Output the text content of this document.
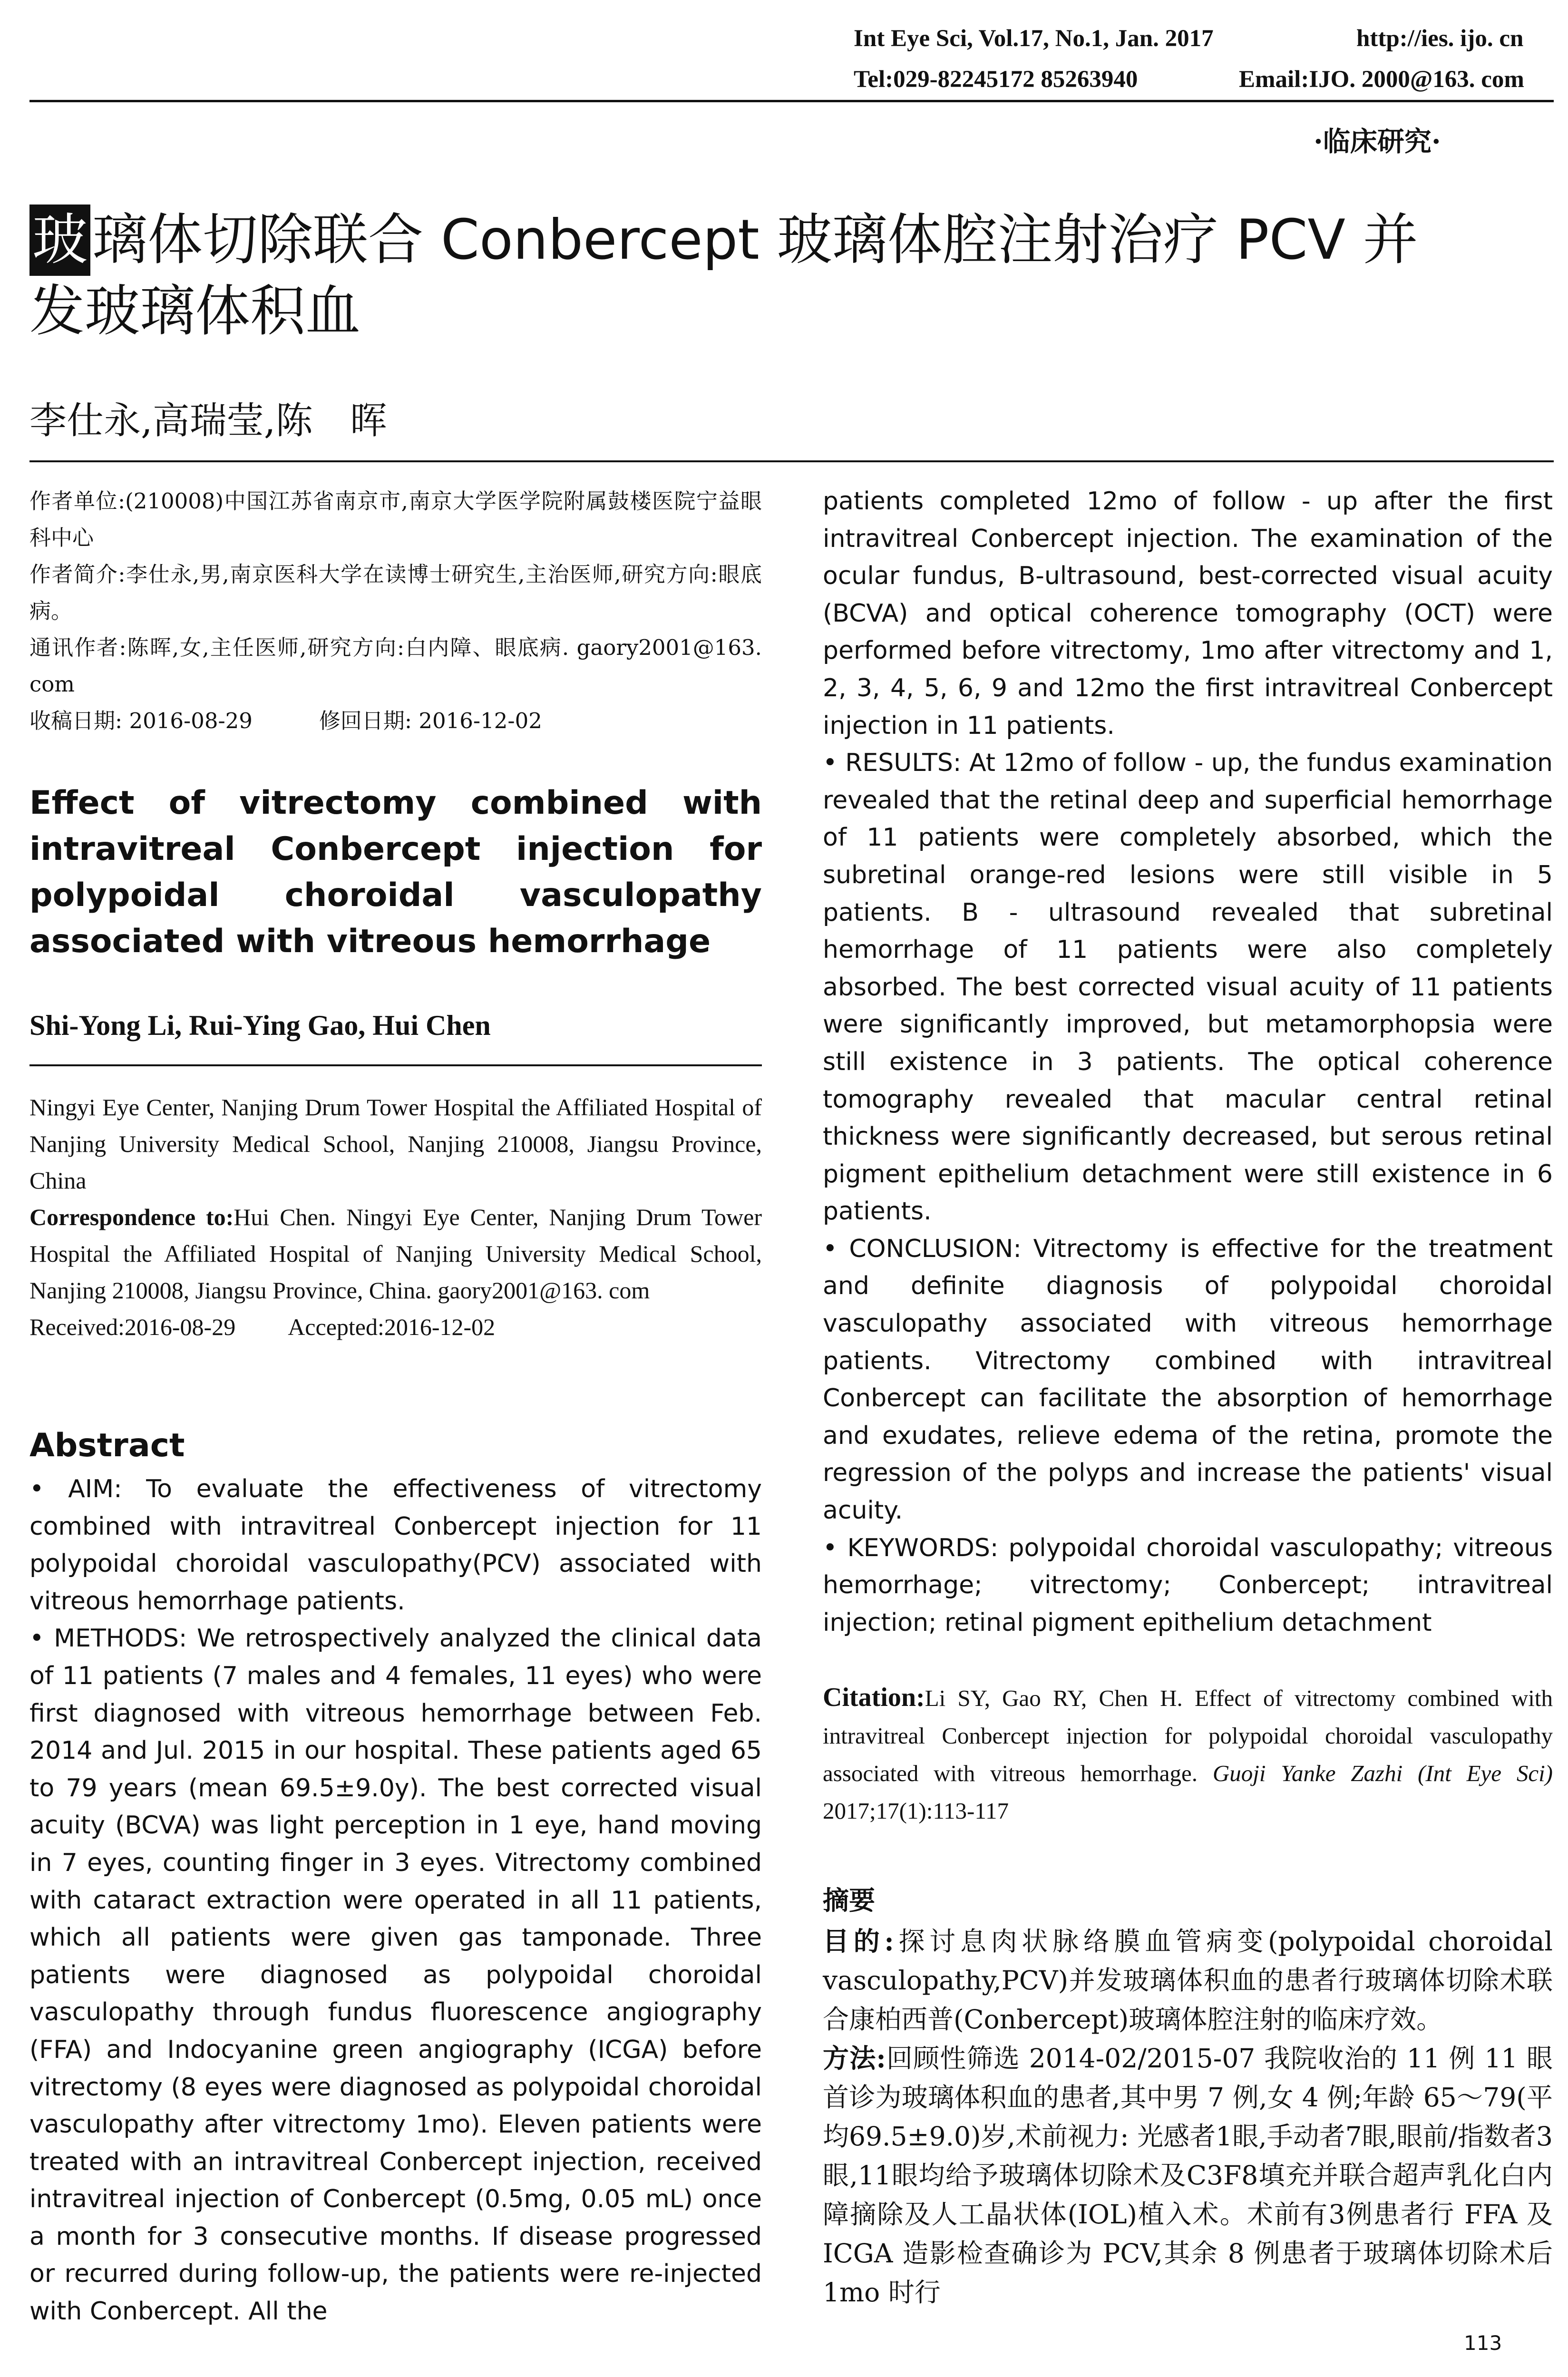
Int Eye Sci, Vol.17, No.1, Jan. 2017	http://ies. ijo. cn
Tel:029-82245172 85263940	Email:IJO. 2000@163. com
·临床研究·
玻璃体切除联合 Conbercept 玻璃体腔注射治疗 PCV 并
发玻璃体积血
李仕永,高瑞莹,陈　晖

作者单位:(210008)中国江苏省南京市,南京大学医学院附属鼓楼医院宁益眼科中心

作者简介:李仕永,男,南京医科大学在读博士研究生,主治医师,研究方向:眼底病。

通讯作者:陈晖,女,主任医师,研究方向:白内障、眼底病. gaory2001@163. com

收稿日期: 2016-08-29	修回日期: 2016-12-02

Effect of vitrectomy combined with
intravitreal Conbercept injection for
polypoidal choroidal vasculopathy
associated with vitreous hemorrhage
Shi-Yong Li, Rui-Ying Gao, Hui Chen

Ningyi Eye Center, Nanjing Drum Tower Hospital the Affiliated Hospital of Nanjing University Medical School, Nanjing 210008, Jiangsu Province, China

Correspondence to:Hui Chen. Ningyi Eye Center, Nanjing Drum Tower Hospital the Affiliated Hospital of Nanjing University Medical School, Nanjing 210008, Jiangsu Province, China. gaory2001@163. com

Received:2016-08-29 Accepted:2016-12-02

Abstract

• AIM: To evaluate the effectiveness of vitrectomy combined with intravitreal Conbercept injection for 11 polypoidal choroidal vasculopathy(PCV) associated with vitreous hemorrhage patients.

• METHODS: We retrospectively analyzed the clinical data of 11 patients (7 males and 4 females, 11 eyes) who were first diagnosed with vitreous hemorrhage between Feb. 2014 and Jul. 2015 in our hospital. These patients aged 65 to 79 years (mean 69.5±9.0y). The best corrected visual acuity (BCVA) was light perception in 1 eye, hand moving in 7 eyes, counting finger in 3 eyes. Vitrectomy combined with cataract extraction were operated in all 11 patients, which all patients were given gas tamponade. Three patients were diagnosed as polypoidal choroidal vasculopathy through fundus fluorescence angiography (FFA) and Indocyanine green angiography (ICGA) before vitrectomy (8 eyes were diagnosed as polypoidal choroidal vasculopathy after vitrectomy 1mo). Eleven patients were treated with an intravitreal Conbercept injection, received intravitreal injection of Conbercept (0.5mg, 0.05 mL) once a month for 3 consecutive months. If disease progressed or recurred during follow-up, the patients were re-injected with Conbercept. All the

patients completed 12mo of follow - up after the first intravitreal Conbercept injection. The examination of the ocular fundus, B-ultrasound, best-corrected visual acuity (BCVA) and optical coherence tomography (OCT) were performed before vitrectomy, 1mo after vitrectomy and 1, 2, 3, 4, 5, 6, 9 and 12mo the first intravitreal Conbercept injection in 11 patients.

• RESULTS: At 12mo of follow - up, the fundus examination revealed that the retinal deep and superficial hemorrhage of 11 patients were completely absorbed, which the subretinal orange-red lesions were still visible in 5 patients. B - ultrasound revealed that subretinal hemorrhage of 11 patients were also completely absorbed. The best corrected visual acuity of 11 patients were significantly improved, but metamorphopsia were still existence in 3 patients. The optical coherence tomography revealed that macular central retinal thickness were significantly decreased, but serous retinal pigment epithelium detachment were still existence in 6 patients.

• CONCLUSION: Vitrectomy is effective for the treatment and definite diagnosis of polypoidal choroidal vasculopathy associated with vitreous hemorrhage patients. Vitrectomy combined with intravitreal Conbercept can facilitate the absorption of hemorrhage and exudates, relieve edema of the retina, promote the regression of the polyps and increase the patients' visual acuity.

• KEYWORDS: polypoidal choroidal vasculopathy; vitreous hemorrhage; vitrectomy; Conbercept; intravitreal injection; retinal pigment epithelium detachment

Citation:Li SY, Gao RY, Chen H. Effect of vitrectomy combined with intravitreal Conbercept injection for polypoidal choroidal vasculopathy associated with vitreous hemorrhage. Guoji Yanke Zazhi (Int Eye Sci) 2017;17(1):113-117

摘要

目的:探讨息肉状脉络膜血管病变(polypoidal choroidal vasculopathy,PCV)并发玻璃体积血的患者行玻璃体切除术联合康柏西普(Conbercept)玻璃体腔注射的临床疗效。

方法:回顾性筛选 2014-02/2015-07 我院收治的 11 例 11 眼首诊为玻璃体积血的患者,其中男 7 例,女 4 例;年龄 65～79(平均69.5±9.0)岁,术前视力: 光感者1眼,手动者7眼,眼前/指数者3眼,11眼均给予玻璃体切除术及C3F8填充并联合超声乳化白内障摘除及人工晶状体(IOL)植入术。术前有3例患者行 FFA 及 ICGA 造影检查确诊为 PCV,其余 8 例患者于玻璃体切除术后 1mo 时行

113
